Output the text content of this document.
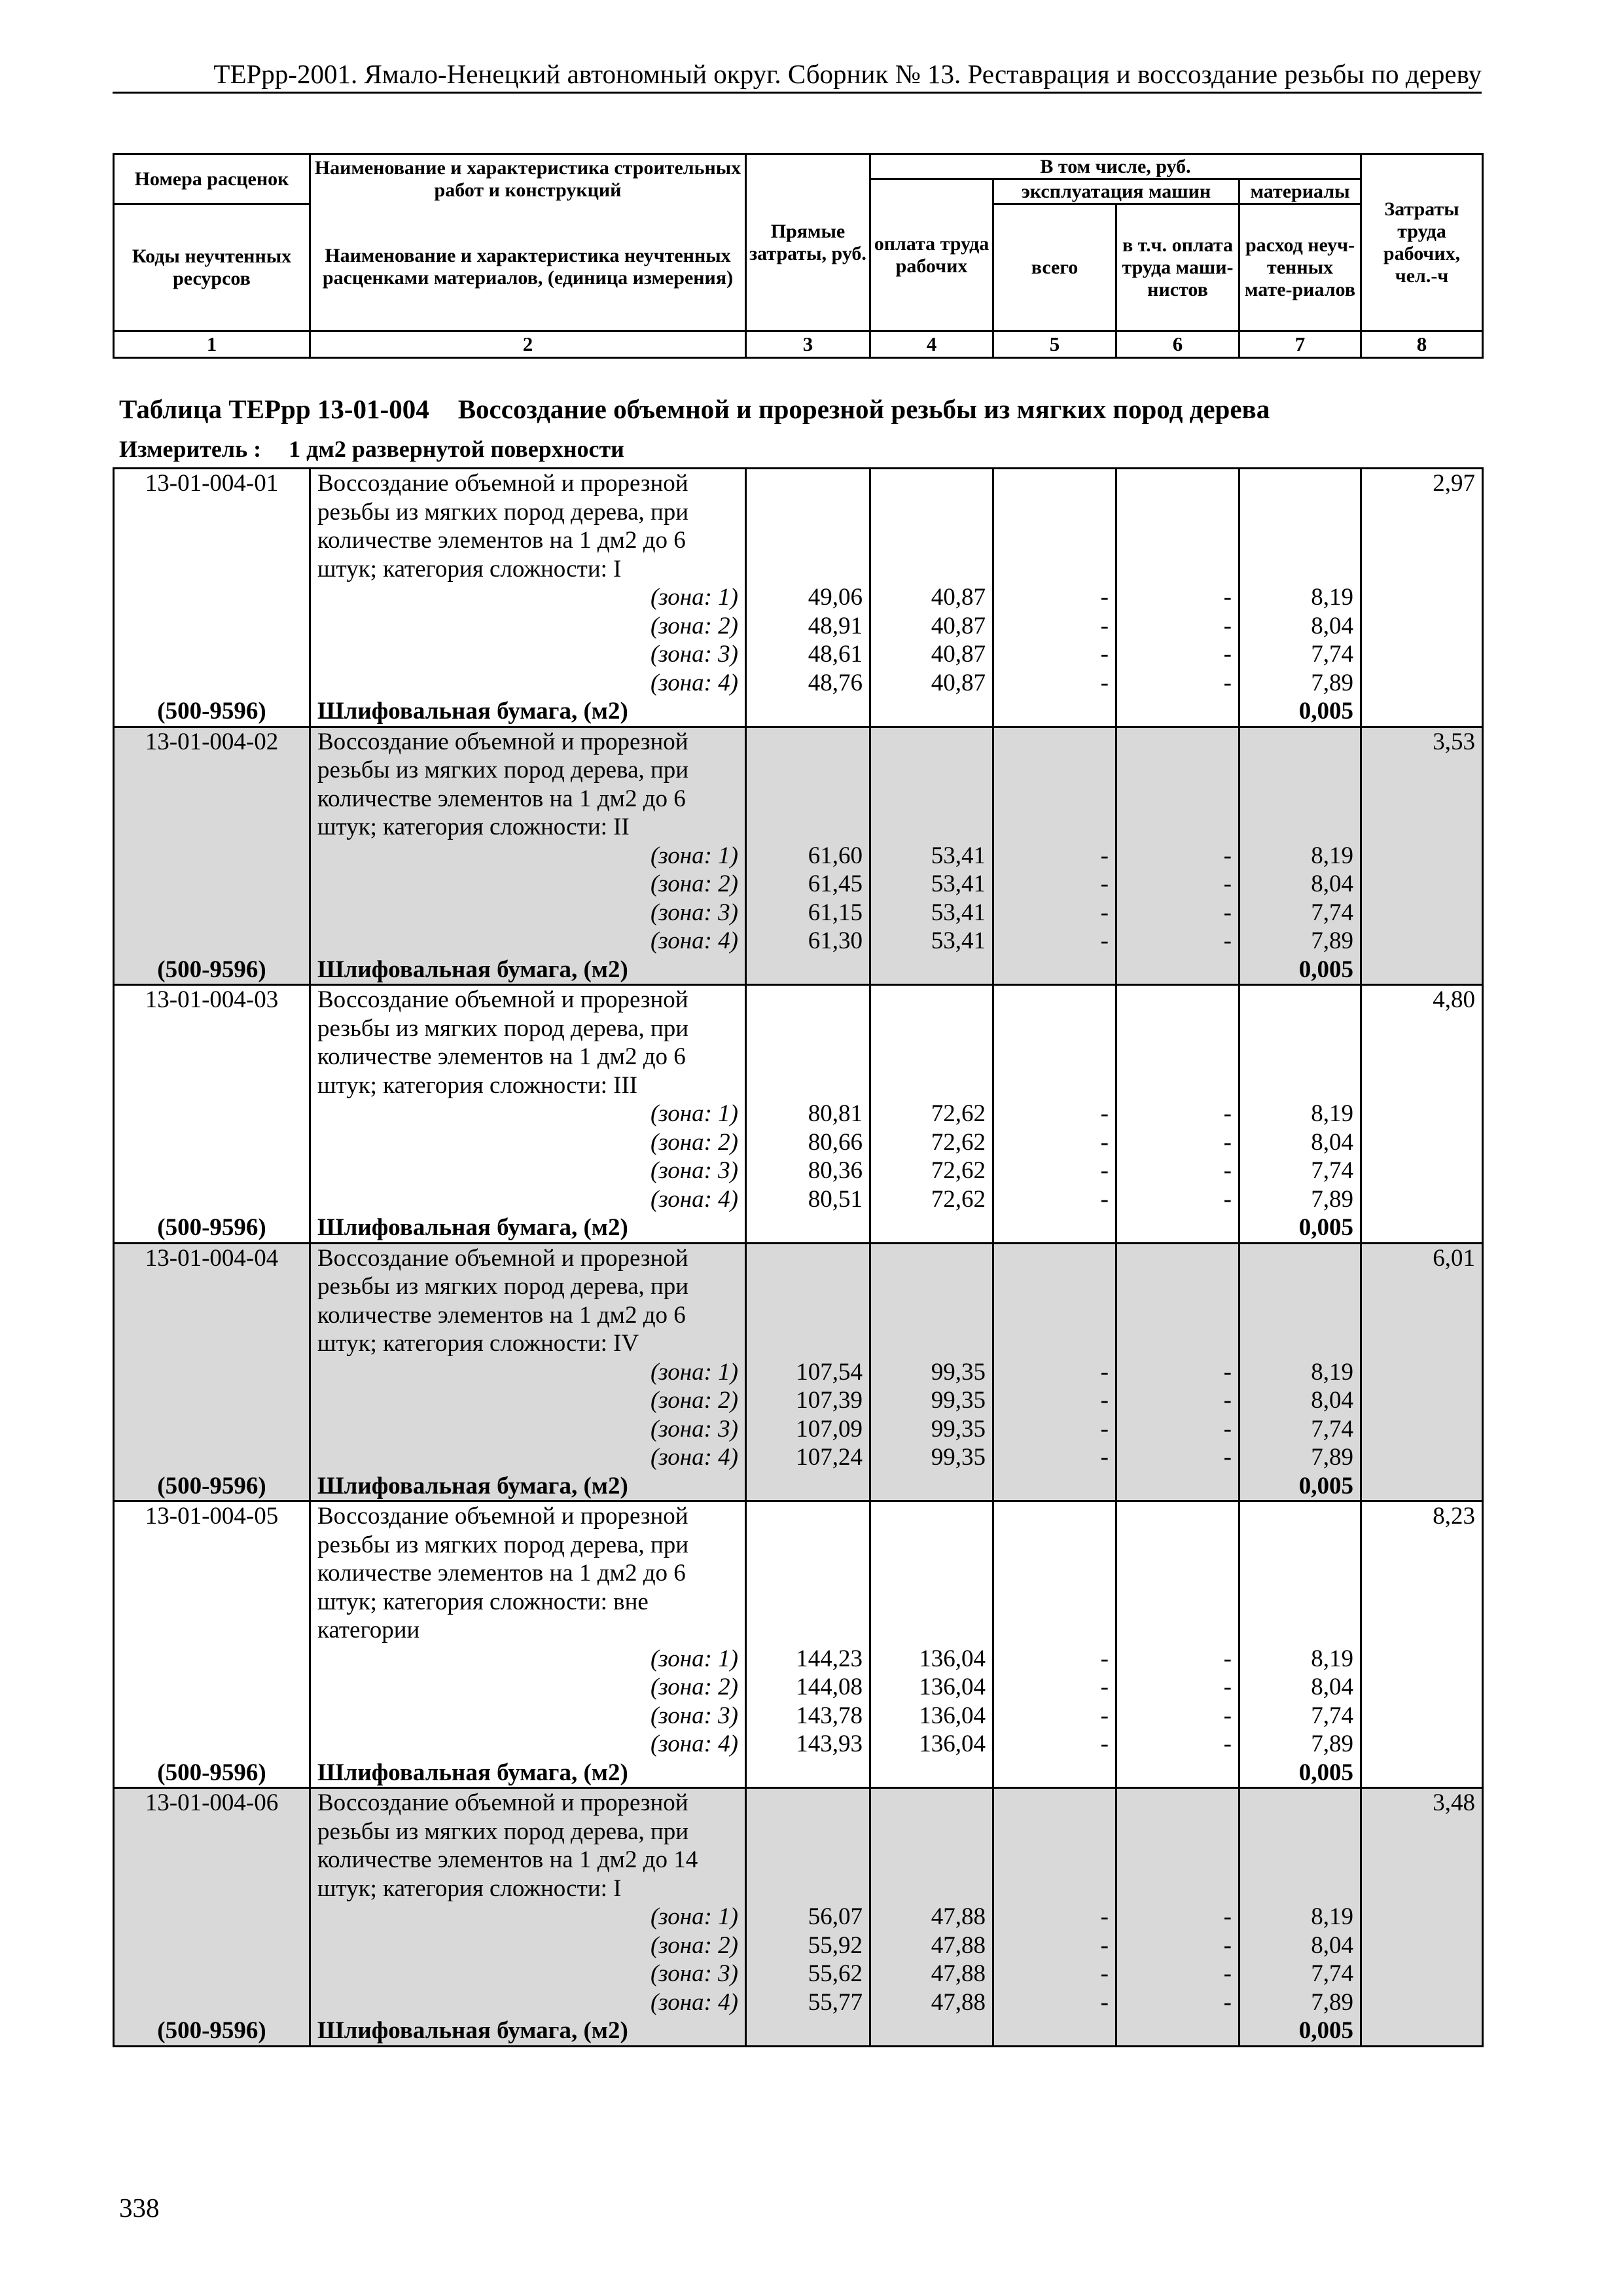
ТЕРрр-2001. Ямало-Ненецкий автономный округ. Сборник № 13. Реставрация и воссоздание резьбы по дереву
Номера расценок	Наименование и характеристика строительных работ и конструкций	Прямые затраты, руб.	В том числе, руб.				Затраты труда рабочих, чел.-ч
			оплата труда рабочих	эксплуатация машин		материалы	
Коды неучтенных ресурсов	Наименование и характеристика неучтенных расценками материалов, (единица измерения)			всего	в т.ч. оплата труда маши-нистов	расход неуч-тенных мате-риалов	

1	2	3	4	5	6	7	8
Таблица ТЕРрр 13-01-004 Воссоздание объемной и прорезной резьбы из мягких пород дерева
Измеритель : 1 дм2 развернутой поверхности
13-01-004-01	Воссоздание объемной и прорезной резьбы из мягких пород дерева, при количестве элементов на 1 дм2 до 6 штук; категория сложности: I						2,97
	(зона: 1)	49,06	40,87	-	-	8,19	
	(зона: 2)	48,91	40,87	-	-	8,04	
	(зона: 3)	48,61	40,87	-	-	7,74	
	(зона: 4)	48,76	40,87	-	-	7,89	
(500-9596)	Шлифовальная бумага, (м2)					0,005	
13-01-004-02	Воссоздание объемной и прорезной резьбы из мягких пород дерева, при количестве элементов на 1 дм2 до 6 штук; категория сложности: II						3,53
	(зона: 1)	61,60	53,41	-	-	8,19	
	(зона: 2)	61,45	53,41	-	-	8,04	
	(зона: 3)	61,15	53,41	-	-	7,74	
	(зона: 4)	61,30	53,41	-	-	7,89	
(500-9596)	Шлифовальная бумага, (м2)					0,005	
13-01-004-03	Воссоздание объемной и прорезной резьбы из мягких пород дерева, при количестве элементов на 1 дм2 до 6 штук; категория сложности: III						4,80
	(зона: 1)	80,81	72,62	-	-	8,19	
	(зона: 2)	80,66	72,62	-	-	8,04	
	(зона: 3)	80,36	72,62	-	-	7,74	
	(зона: 4)	80,51	72,62	-	-	7,89	
(500-9596)	Шлифовальная бумага, (м2)					0,005	
13-01-004-04	Воссоздание объемной и прорезной резьбы из мягких пород дерева, при количестве элементов на 1 дм2 до 6 штук; категория сложности: IV						6,01
	(зона: 1)	107,54	99,35	-	-	8,19	
	(зона: 2)	107,39	99,35	-	-	8,04	
	(зона: 3)	107,09	99,35	-	-	7,74	
	(зона: 4)	107,24	99,35	-	-	7,89	
(500-9596)	Шлифовальная бумага, (м2)					0,005	
13-01-004-05	Воссоздание объемной и прорезной резьбы из мягких пород дерева, при количестве элементов на 1 дм2 до 6 штук; категория сложности: вне категории						8,23
	(зона: 1)	144,23	136,04	-	-	8,19	
	(зона: 2)	144,08	136,04	-	-	8,04	
	(зона: 3)	143,78	136,04	-	-	7,74	
	(зона: 4)	143,93	136,04	-	-	7,89	
(500-9596)	Шлифовальная бумага, (м2)					0,005	
13-01-004-06	Воссоздание объемной и прорезной резьбы из мягких пород дерева, при количестве элементов на 1 дм2 до 14 штук; категория сложности: I						3,48
	(зона: 1)	56,07	47,88	-	-	8,19	
	(зона: 2)	55,92	47,88	-	-	8,04	
	(зона: 3)	55,62	47,88	-	-	7,74	
	(зона: 4)	55,77	47,88	-	-	7,89	
(500-9596)	Шлифовальная бумага, (м2)					0,005	
338
